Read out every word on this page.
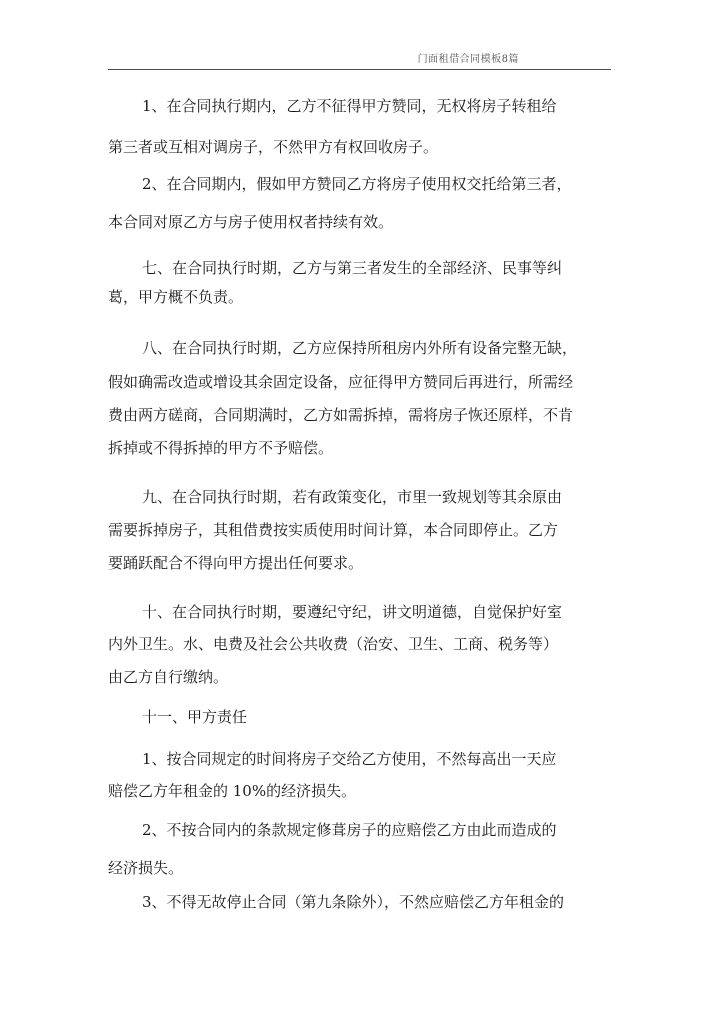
门面租借合同模板8篇
1、在合同执行期内，乙方不征得甲方赞同，无权将房子转租给
第三者或互相对调房子，不然甲方有权回收房子。
2、在合同期内，假如甲方赞同乙方将房子使用权交托给第三者，
本合同对原乙方与房子使用权者持续有效。
七、在合同执行时期，乙方与第三者发生的全部经济、民事等纠
葛，甲方概不负责。
八、在合同执行时期，乙方应保持所租房内外所有设备完整无缺，
假如确需改造或增设其余固定设备，应征得甲方赞同后再进行，所需经
费由两方磋商，合同期满时，乙方如需拆掉，需将房子恢还原样，不肯
拆掉或不得拆掉的甲方不予赔偿。
九、在合同执行时期，若有政策变化，市里一致规划等其余原由
需要拆掉房子，其租借费按实质使用时间计算，本合同即停止。乙方
要踊跃配合不得向甲方提出任何要求。
十、在合同执行时期，要遵纪守纪，讲文明道德，自觉保护好室
内外卫生。水、电费及社会公共收费（治安、卫生、工商、税务等）
由乙方自行缴纳。
十一、甲方责任
1、按合同规定的时间将房子交给乙方使用，不然每高出一天应
赔偿乙方年租金的 10%的经济损失。
2、不按合同内的条款规定修葺房子的应赔偿乙方由此而造成的
经济损失。
3、不得无故停止合同（第九条除外），不然应赔偿乙方年租金的
